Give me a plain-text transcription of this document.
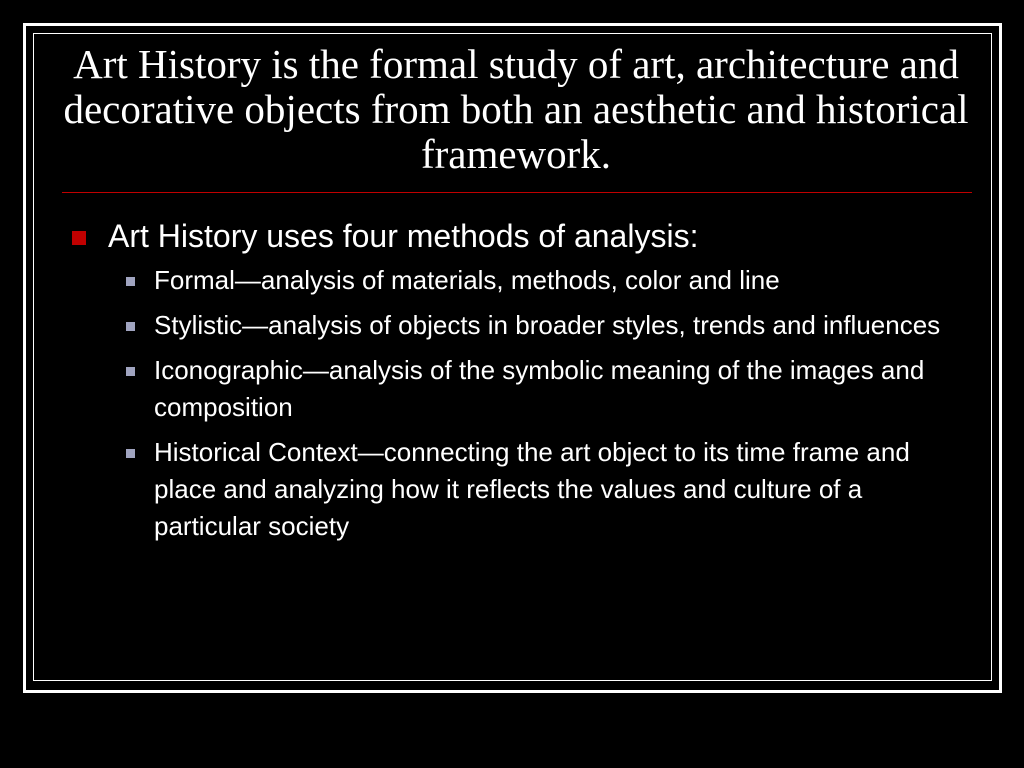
Art History is the formal study of art, architecture and decorative objects from both an aesthetic and historical framework.
Art History uses four methods of analysis:
Formal—analysis of materials, methods, color and line
Stylistic—analysis of objects in broader styles, trends and influences
Iconographic—analysis of the symbolic meaning of the images and composition
Historical Context—connecting the art object to its time frame and place and analyzing how it reflects the values and culture of a particular society
